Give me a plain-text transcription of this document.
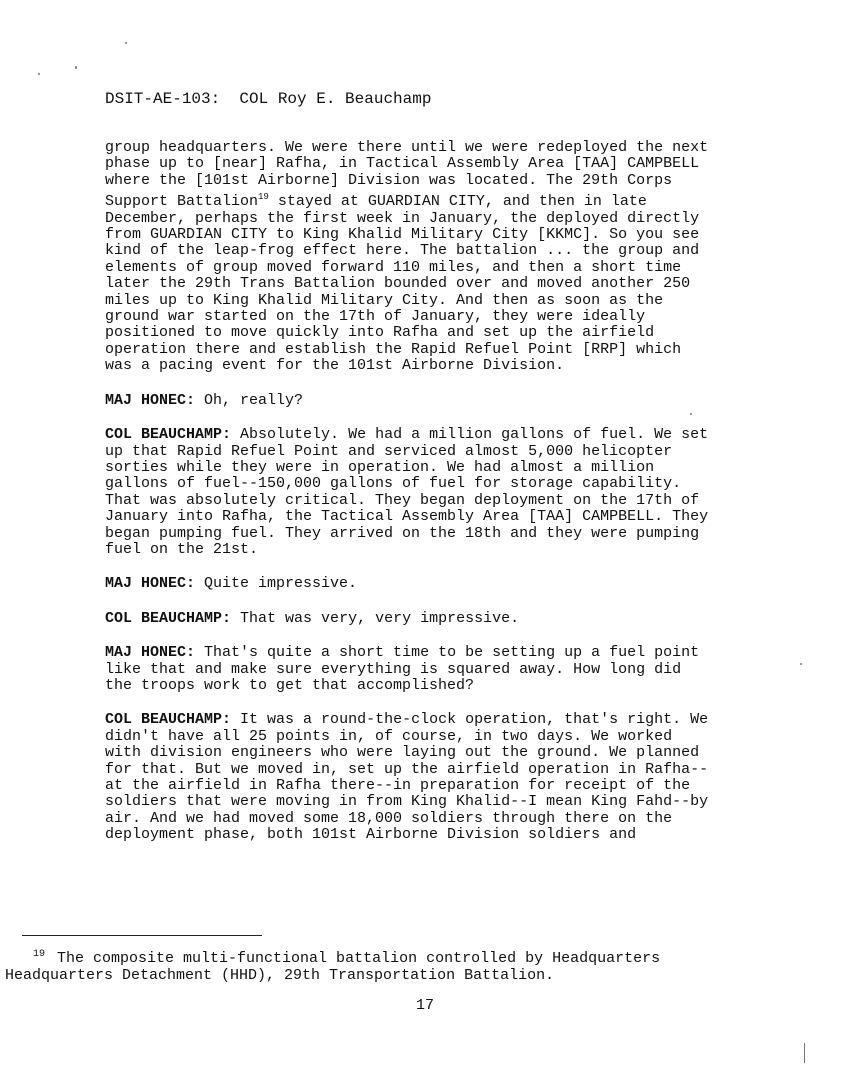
DSIT-AE-103: COL Roy E. Beauchamp

group headquarters. We were there until we were redeployed the next phase up to [near] Rafha, in Tactical Assembly Area [TAA] CAMPBELL where the [101st Airborne] Division was located. The 29th Corps Support Battalion$^{19}$ stayed at GUARDIAN CITY, and then in late December, perhaps the first week in January, the deployed directly from GUARDIAN CITY to King Khalid Military City [KKMC]. So you see kind of the leap-frog effect here. The battalion ... the group and elements of group moved forward 110 miles, and then a short time later the 29th Trans Battalion bounded over and moved another 250 miles up to King Khalid Military City. And then as soon as the ground war started on the 17th of January, they were ideally positioned to move quickly into Rafha and set up the airfield operation there and establish the Rapid Refuel Point [RRP] which was a pacing event for the 101st Airborne Division.

MAJ HONEC: Oh, really?

COL BEAUCHAMP: Absolutely. We had a million gallons of fuel. We set up that Rapid Refuel Point and serviced almost 5,000 helicopter sorties while they were in operation. We had almost a million gallons of fuel--150,000 gallons of fuel for storage capability. That was absolutely critical. They began deployment on the 17th of January into Rafha, the Tactical Assembly Area [TAA] CAMPBELL. They began pumping fuel. They arrived on the 18th and they were pumping fuel on the 21st.

MAJ HONEC: Quite impressive.

COL BEAUCHAMP: That was very, very impressive.

MAJ HONEC: That's quite a short time to be setting up a fuel point like that and make sure everything is squared away. How long did the troops work to get that accomplished?

COL BEAUCHAMP: It was a round-the-clock operation, that's right. We didn't have all 25 points in, of course, in two days. We worked with division engineers who were laying out the ground. We planned for that. But we moved in, set up the airfield operation in Rafha--at the airfield in Rafha there--in preparation for receipt of the soldiers that were moving in from King Khalid--I mean King Fahd--by air. And we had moved some 18,000 soldiers through there on the deployment phase, both 101st Airborne Division soldiers and

$^{19}$ The composite multi-functional battalion controlled by Headquarters Headquarters Detachment (HHD), 29th Transportation Battalion.
17
